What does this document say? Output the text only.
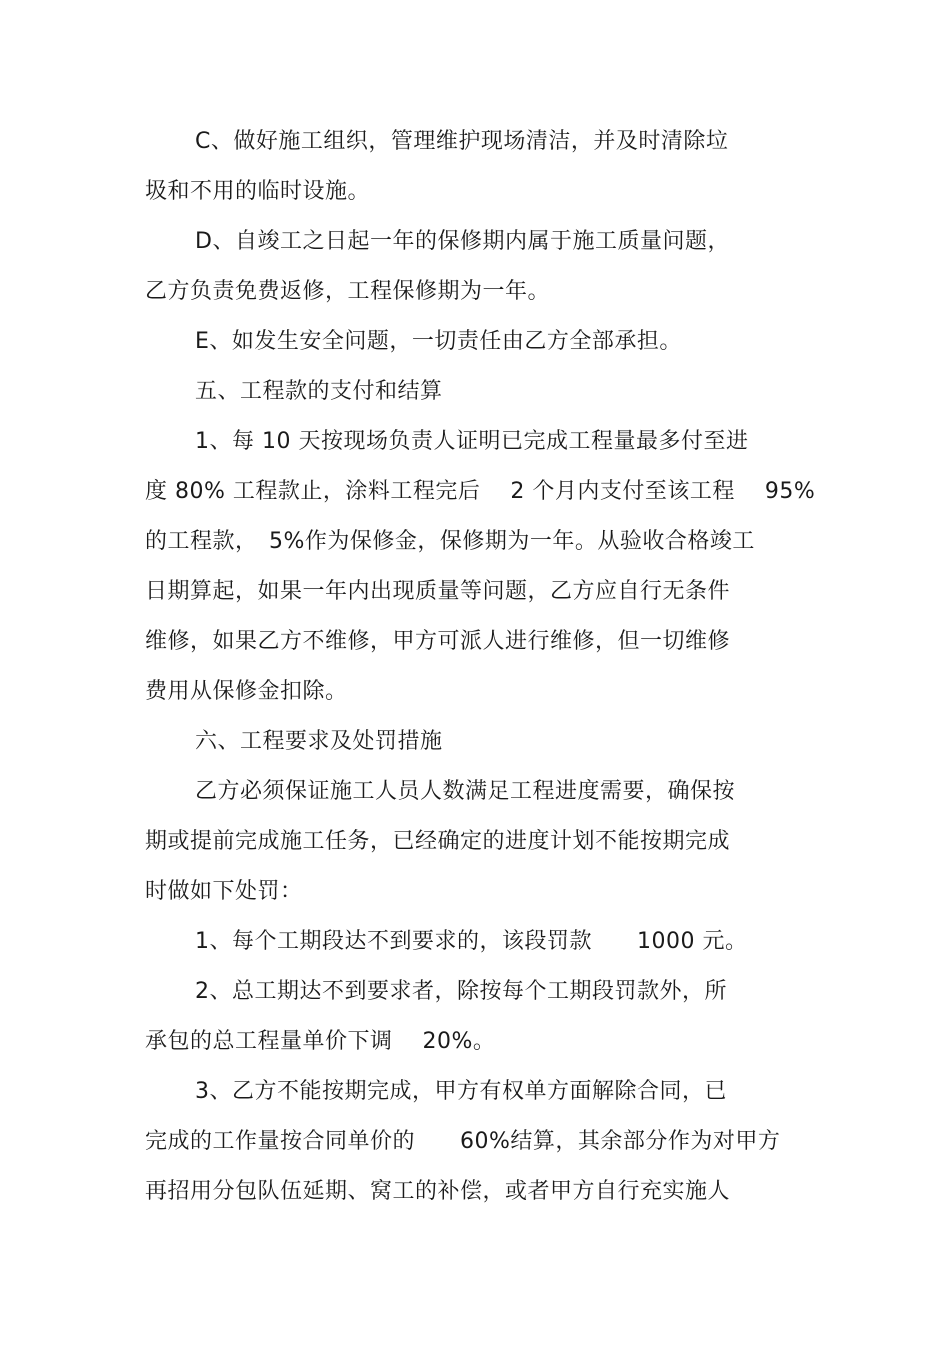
C、做好施工组织，管理维护现场清洁，并及时清除垃

圾和不用的临时设施。

D、自竣工之日起一年的保修期内属于施工质量问题，

乙方负责免费返修，工程保修期为一年。

E、如发生安全问题，一切责任由乙方全部承担。

五、工程款的支付和结算

1、每 10 天按现场负责人证明已完成工程量最多付至进

度 80% 工程款止，涂料工程完后　 2 个月内支付至该工程　 95%

的工程款，　5%作为保修金，保修期为一年。从验收合格竣工

日期算起，如果一年内出现质量等问题，乙方应自行无条件

维修，如果乙方不维修，甲方可派人进行维修，但一切维修

费用从保修金扣除。

六、工程要求及处罚措施

乙方必须保证施工人员人数满足工程进度需要，确保按

期或提前完成施工任务，已经确定的进度计划不能按期完成

时做如下处罚：

1、每个工期段达不到要求的，该段罚款　　1000 元。

2、总工期达不到要求者，除按每个工期段罚款外，所

承包的总工程量单价下调　 20%。

3、乙方不能按期完成，甲方有权单方面解除合同，已

完成的工作量按合同单价的　　60%结算，其余部分作为对甲方

再招用分包队伍延期、窝工的补偿，或者甲方自行充实施人
